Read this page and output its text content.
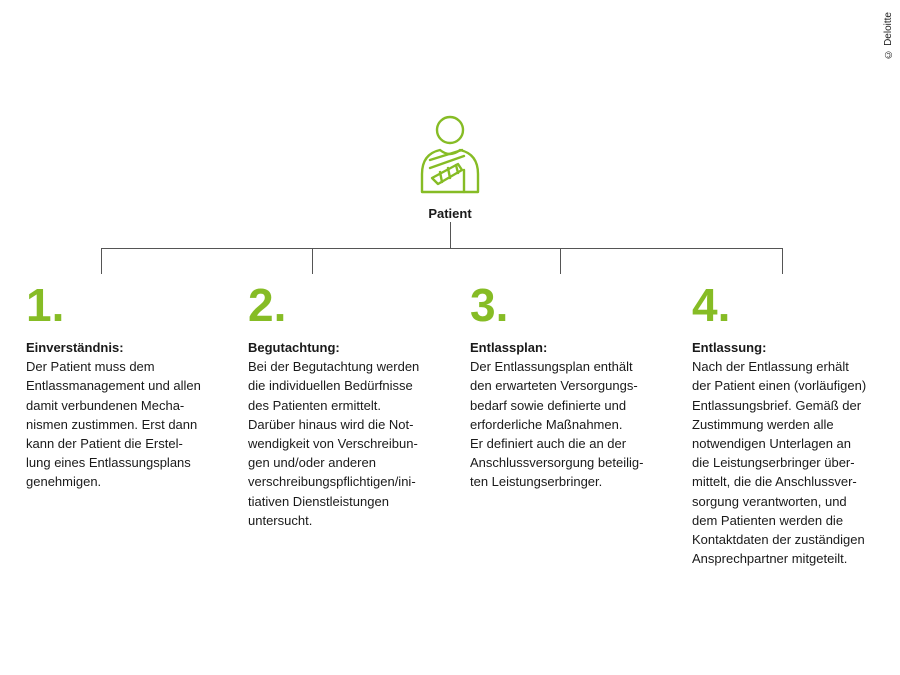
© Deloitte
Patient
1.
Einverständnis:
Der Patient muss dem
Entlassmanagement und allen
damit verbundenen Mecha-
nismen zustimmen. Erst dann
kann der Patient die Erstel-
lung eines Entlassungsplans
genehmigen.
2.
Begutachtung:
Bei der Begutachtung werden
die individuellen Bedürfnisse
des Patienten ermittelt.
Darüber hinaus wird die Not-
wendigkeit von Verschreibun-
gen und/oder anderen
verschreibungspflichtigen/ini-
tiativen Dienstleistungen
untersucht.
3.
Entlassplan:
Der Entlassungsplan enthält
den erwarteten Versorgungs-
bedarf sowie definierte und
erforderliche Maßnahmen.
Er definiert auch die an der
Anschlussversorgung beteilig-
ten Leistungserbringer.
4.
Entlassung:
Nach der Entlassung erhält
der Patient einen (vorläufigen)
Entlassungsbrief. Gemäß der
Zustimmung werden alle
notwendigen Unterlagen an
die Leistungserbringer über-
mittelt, die die Anschlussver-
sorgung verantworten, und
dem Patienten werden die
Kontaktdaten der zuständigen
Ansprechpartner mitgeteilt.
